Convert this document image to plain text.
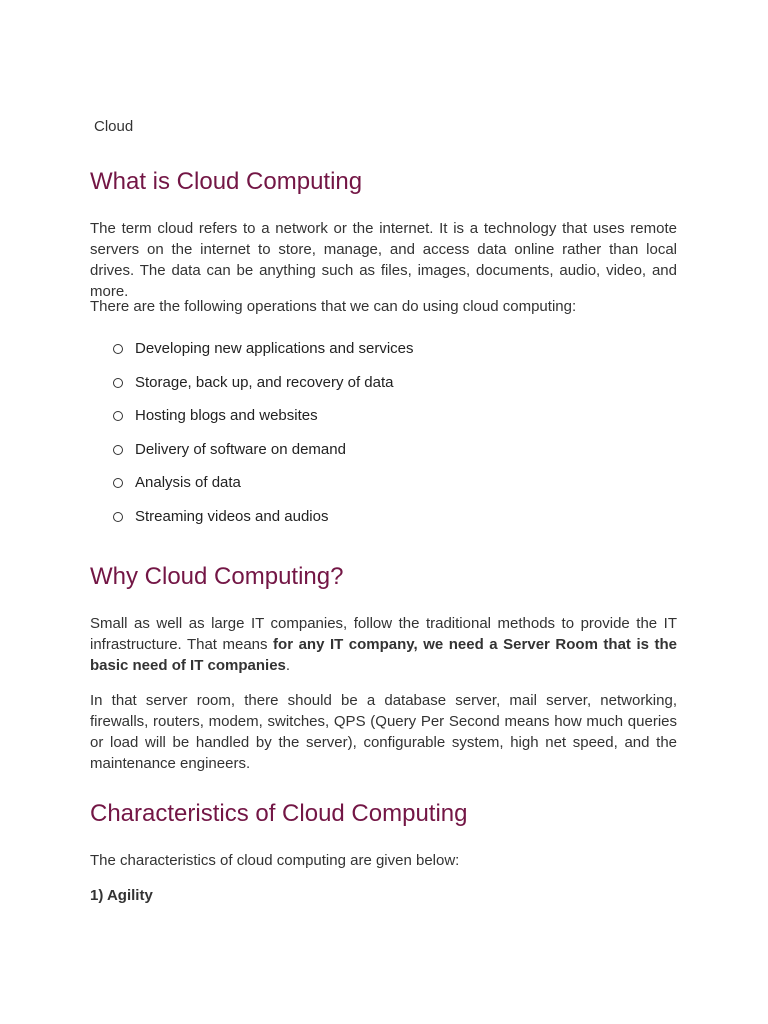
Cloud
What is Cloud Computing

The term cloud refers to a network or the internet. It is a technology that uses remote servers on the internet to store, manage, and access data online rather than local drives. The data can be anything such as files, images, documents, audio, video, and more.

There are the following operations that we can do using cloud computing:

Developing new applications and services
Storage, back up, and recovery of data
Hosting blogs and websites
Delivery of software on demand
Analysis of data
Streaming videos and audios
Why Cloud Computing?

Small as well as large IT companies, follow the traditional methods to provide the IT infrastructure. That means for any IT company, we need a Server Room that is the basic need of IT companies.

In that server room, there should be a database server, mail server, networking, firewalls, routers, modem, switches, QPS (Query Per Second means how much queries or load will be handled by the server), configurable system, high net speed, and the maintenance engineers.

Characteristics of Cloud Computing

The characteristics of cloud computing are given below:

1) Agility
